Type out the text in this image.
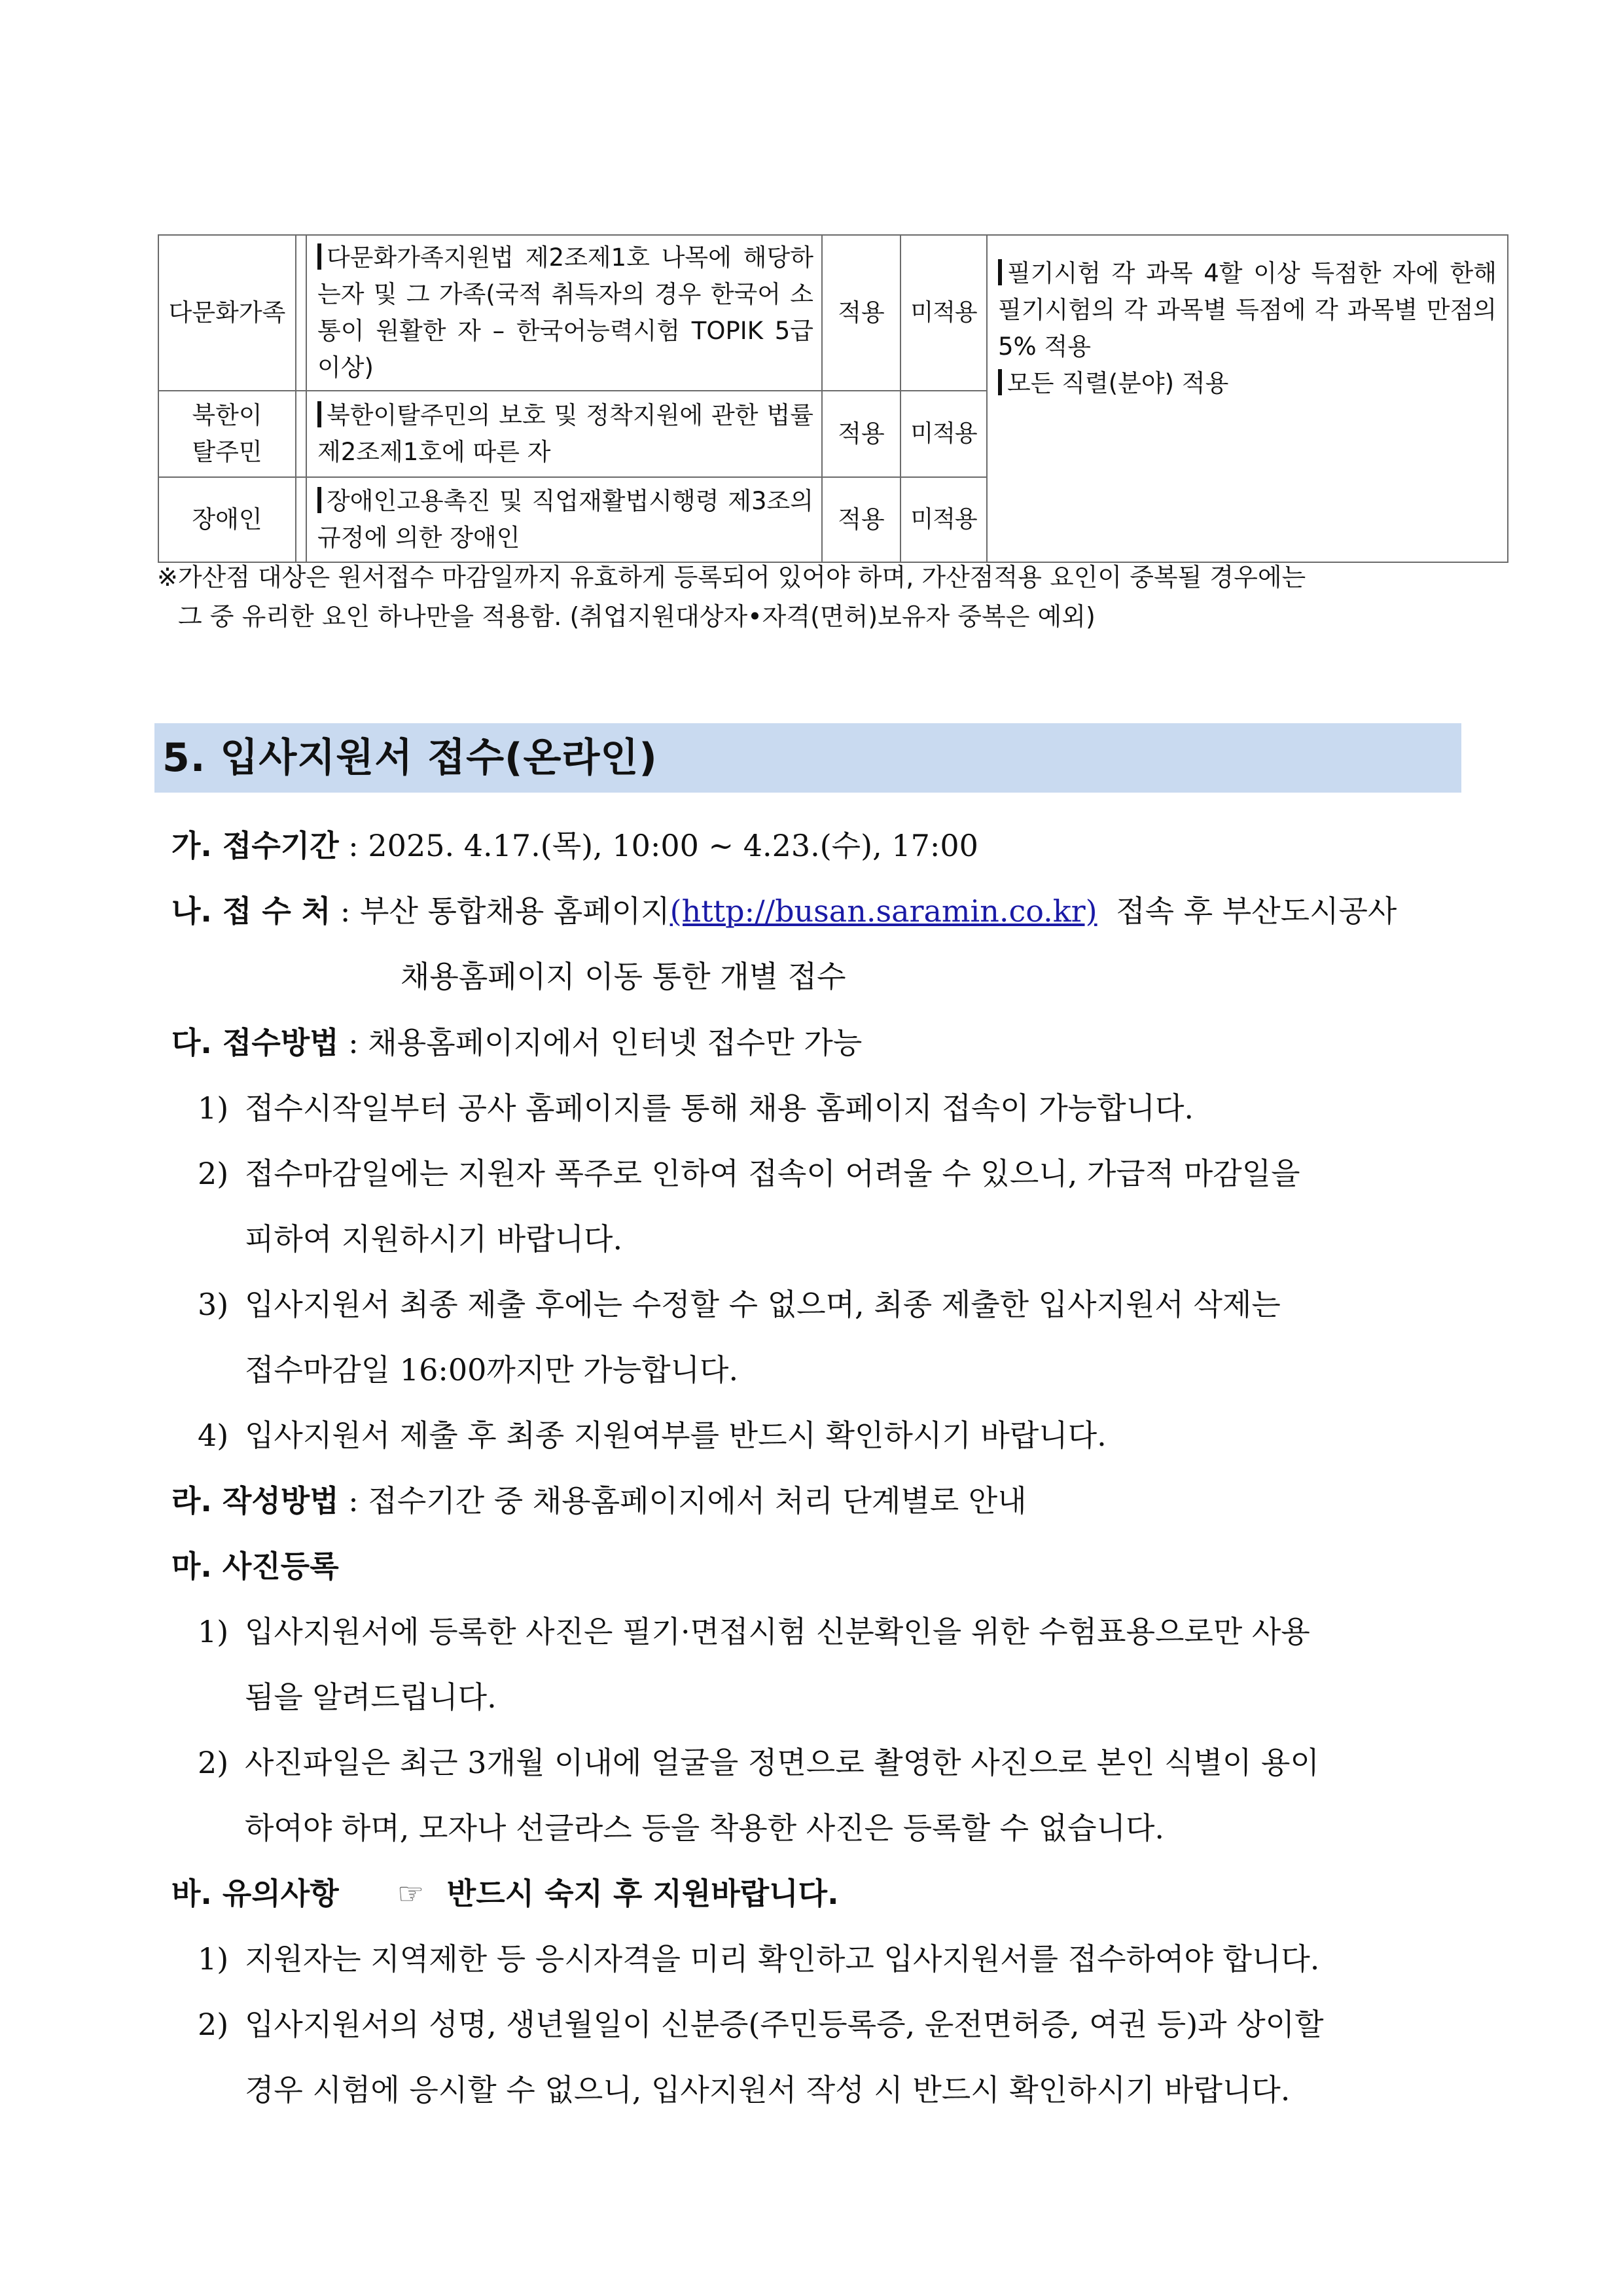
다문화가족		다문화가족지원법 제2조제1호 나목에 해당하는자 및 그 가족(국적 취득자의 경우 한국어 소통이 원활한 자 – 한국어능력시험 TOPIK 5급 이상)	적용	미적용	필기시험 각 과목 4할 이상 득점한 자에 한해 필기시험의 각 과목별 득점에 각 과목별 만점의 5% 적용

모든 직렬(분야) 적용

북한이탈주민		북한이탈주민의 보호 및 정착지원에 관한 법률 제2조제1호에 따른 자	적용	미적용	
장애인		장애인고용촉진 및 직업재활법시행령 제3조의 규정에 의한 장애인	적용	미적용	
※가산점 대상은 원서접수 마감일까지 유효하게 등록되어 있어야 하며, 가산점적용 요인이 중복될 경우에는
그 중 유리한 요인 하나만을 적용함. (취업지원대상자•자격(면허)보유자 중복은 예외)
5. 입사지원서 접수(온라인)
가. 접수기간 : 2025. 4.17.(목), 10:00 ~ 4.23.(수), 17:00
나. 접 수 처 : 부산 통합채용 홈페이지(http://busan.saramin.co.kr) 접속 후 부산도시공사
채용홈페이지 이동 통한 개별 접수
다. 접수방법 : 채용홈페이지에서 인터넷 접수만 가능
1) 접수시작일부터 공사 홈페이지를 통해 채용 홈페이지 접속이 가능합니다.
2) 접수마감일에는 지원자 폭주로 인하여 접속이 어려울 수 있으니, 가급적 마감일을
피하여 지원하시기 바랍니다.
3) 입사지원서 최종 제출 후에는 수정할 수 없으며, 최종 제출한 입사지원서 삭제는
접수마감일 16:00까지만 가능합니다.
4) 입사지원서 제출 후 최종 지원여부를 반드시 확인하시기 바랍니다.
라. 작성방법 : 접수기간 중 채용홈페이지에서 처리 단계별로 안내
마. 사진등록
1) 입사지원서에 등록한 사진은 필기·면접시험 신분확인을 위한 수험표용으로만 사용
됨을 알려드립니다.
2) 사진파일은 최근 3개월 이내에 얼굴을 정면으로 촬영한 사진으로 본인 식별이 용이
하여야 하며, 모자나 선글라스 등을 착용한 사진은 등록할 수 없습니다.
바. 유의사항 ☞ 반드시 숙지 후 지원바랍니다.
1) 지원자는 지역제한 등 응시자격을 미리 확인하고 입사지원서를 접수하여야 합니다.
2) 입사지원서의 성명, 생년월일이 신분증(주민등록증, 운전면허증, 여권 등)과 상이할
경우 시험에 응시할 수 없으니, 입사지원서 작성 시 반드시 확인하시기 바랍니다.
